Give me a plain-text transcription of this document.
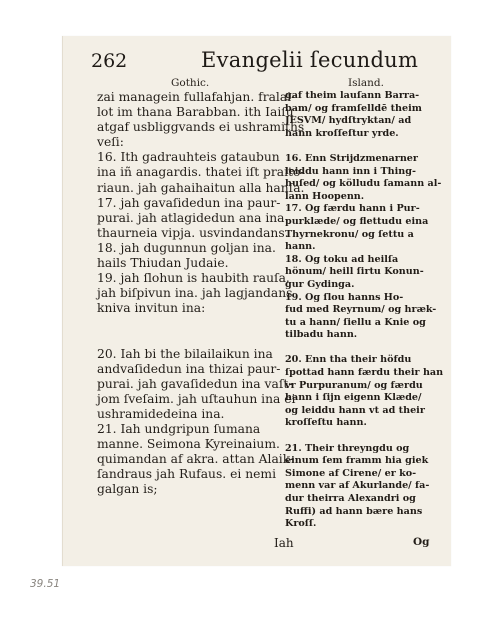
262	Evangelii ſecundum
Gothic.	Island.
zai managein fullafahjan. fralai-
lot im thana Barabban. ith Iaiſu
atgaf usbliggvands ei ushramiths
veſi:
16. Ith gadrauhteis gataubun
ina iñ anagardis. thatei iſt praito-
riaun. jah gahaihaitun alla hanſa.
17. jah gavaſidedun ina paur-
purai. jah atlagidedun ana ina
thaurneia vipja. usvindandans.
18. jah dugunnun goljan ina.
hails Thiudan Judaie.
19. jah ſlohun is haubith rauſa.
jah biſpivun ina. jah lagjandans
kniva invitun ina:

20. Iah bi the bilailaikun ina
andvaſidedun ina thizai paur-
purai. jah gavaſidedun ina vaſt-
jom ſveſaim. jah uſtauhun ina ei
ushramidedeina ina.
21. Iah undgripun ſumana
manne. Seimona Kyreinaium.
quimandan af akra. attan Alaik-
ſandraus jah Rufaus. ei nemi
galgan is;
gaf theim lauſann Barra-
bam/ og framſelldē theim
JESVM/ hydſtryktan/ ad
hann kroſſeſtur yrde.

16. Enn Strijdzmenarner
leiddu hann inn i Thing-
huſed/ og kölludu ſamann al-
lann Hoopenn.
17. Og færdu hann i Pur-
purklæde/ og flettudu eina
Thyrnekronu/ og ſettu a
hann.
18. Og toku ad heilſa
hönum/ heill ſirtu Konun-
gur Gydinga.
19. Og ſlou hanns Ho-
fud med Reyrnum/ og hræk-
tu a hann/ ſiellu a Knie og
tilbadu hann.

20. Enn tha their höfdu
ſpottad hann færdu their han
vr Purpuranum/ og færdu
hann i ſijn eigenn Klæde/
og leiddu hann vt ad their
kroſſeſtu hann.

21. Their threyngdu og
einum ſem framm hia giek
Simone af Cirene/ er ko-
menn var af Akurlande/ fa-
dur theirra Alexandri og
Ruffi) ad hann bære hans
Kroſſ.
Iah	Og
39.51
